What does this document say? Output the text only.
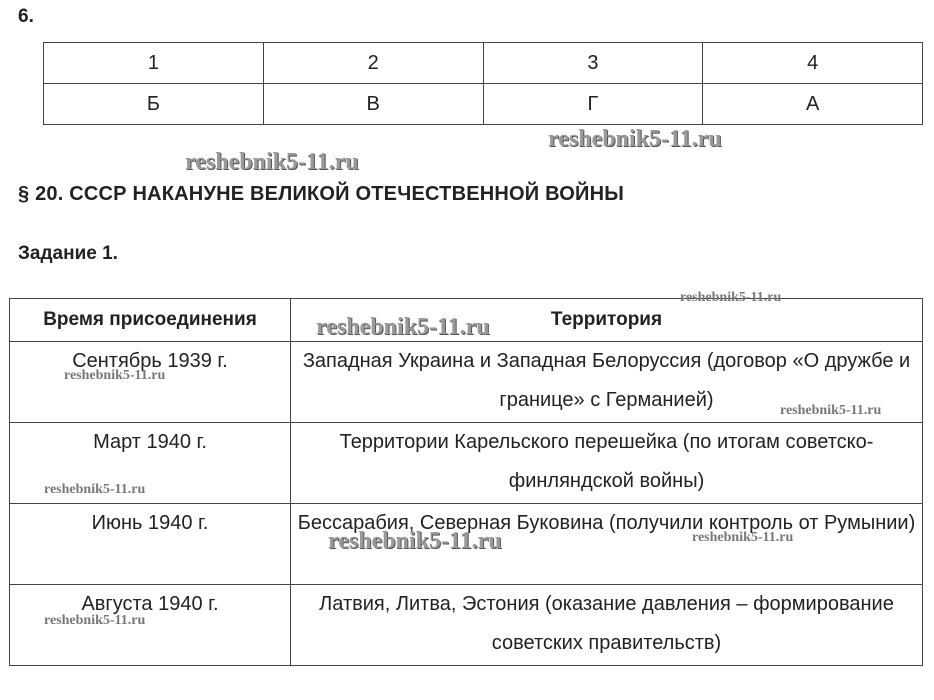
6.
1	2	3	4
Б	В	Г	А
§ 20. СССР НАКАНУНЕ ВЕЛИКОЙ ОТЕЧЕСТВЕННОЙ ВОЙНЫ
Задание 1.
Время присоединения	Территория
Сентябрь 1939 г.	Западная Украина и Западная Белоруссия (договор «О дружбе и границе» с Германией)
Март 1940 г.	Территории Карельского перешейка (по итогам советско-финляндской войны)
Июнь 1940 г.	Бессарабия, Северная Буковина (получили контроль от Румынии)
Августа 1940 г.	Латвия, Литва, Эстония (оказание давления – формирование советских правительств)
reshebnik5-11.ru
reshebnik5-11.ru
reshebnik5-11.ru
reshebnik5-11.ru
reshebnik5-11.ru
reshebnik5-11.ru
reshebnik5-11.ru
reshebnik5-11.ru	reshebnik5-11.ru
reshebnik5-11.ru
